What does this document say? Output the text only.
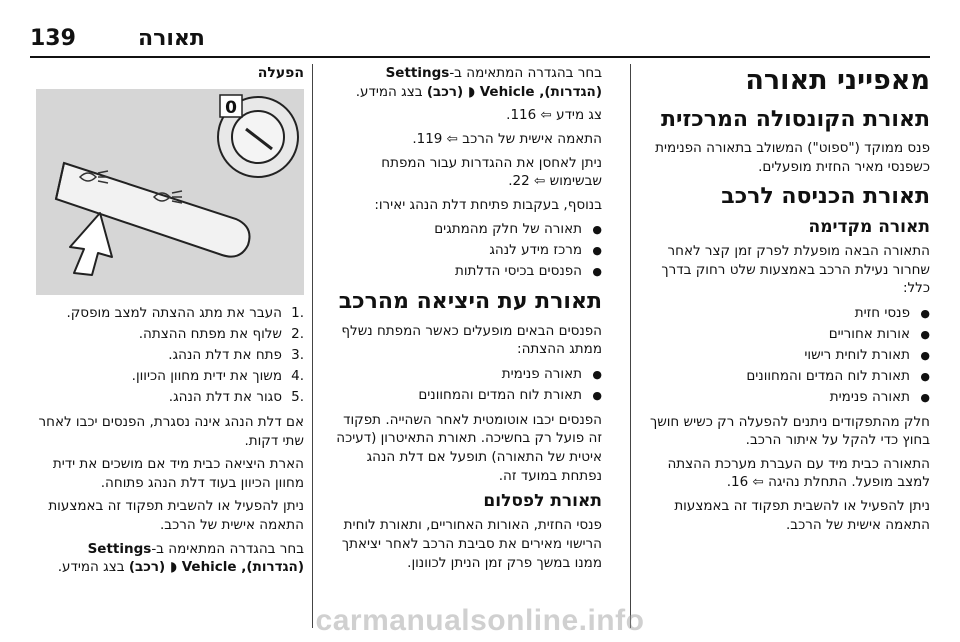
139	תאורה
מאפייני תאורה
תאורת הקונסולה המרכזית

פנס ממוקד ("ספוט") המשולב בתאורה הפנימית כשפנסי מאיר החזית מופעלים.

תאורת הכניסה לרכב
תאורה מקדימה

התאורה הבאה מופעלת לפרק זמן קצר לאחר שחרור נעילת הרכב באמצעות שלט רחוק בדרך כלל:

● פנסי חזית
● אורות אחוריים
● תאורת לוחית רישוי
● תאורת לוח המדים והמחוונים
● תאורה פנימית

חלק מהתפקודים ניתנים להפעלה רק כשיש חושך בחוץ כדי להקל על איתור הרכב.

התאורה כבית מיד עם העברת מערכת ההצתה למצב מופעל. התחלת נהיגה ⇦ 16.

ניתן להפעיל או להשבית תפקוד זה באמצעות התאמה אישית של הרכב.

בחר בהגדרה המתאימה ב-Settings (הגדרות), Vehicle ◗ (רכב) בצג המידע.

צג מידע ⇦ 116.

התאמה אישית של הרכב ⇦ 119.

ניתן לאחסן את ההגדרות עבור המפתח שבשימוש ⇦ 22.

בנוסף, בעקבות פתיחת דלת הנהג יאירו:

● תאורה של חלק מהמתגים
● מרכז מידע לנהג
● הפנסים בכיסי הדלתות
תאורת עת היציאה מהרכב

הפנסים הבאים מופעלים כאשר המפתח נשלף ממתג ההצתה:

● תאורה פנימית
● תאורת לוח המדים והמחוונים

הפנסים יכבו אוטומטית לאחר השהייה. תפקוד זה פועל רק בחשיכה. תאורת התאיטרון (דעיכה איטית של התאורה) תופעל אם דלת הנהג נפתחת במועד זה.

תאורת לפסלום

פנסי החזית, האורות האחוריים, ותאורת לוחית הרישוי מאירים את סביבת הרכב לאחר יציאתך ממנו במשך פרק זמן הניתן לכוונון.

הפעלה

0
1.
העבר את מתג ההצתה למצב מופסק.
2.
שלוף את מפתח ההצתה.
3.
פתח את דלת הנהג.
4.
משוך את ידית מחוון הכיוון.
5.
סגור את דלת הנהג.

אם דלת הנהג אינה נסגרת, הפנסים יכבו לאחר שתי דקות.

הארת היציאה כבית מיד אם מושכים את ידית מחוון הכיוון בעוד דלת הנהג פתוחה.

ניתן להפעיל או להשבית תפקוד זה באמצעות התאמה אישית של הרכב.

בחר בהגדרה המתאימה ב-Settings (הגדרות), Vehicle ◗ (רכב) בצג המידע.

carmanualsonline.info
